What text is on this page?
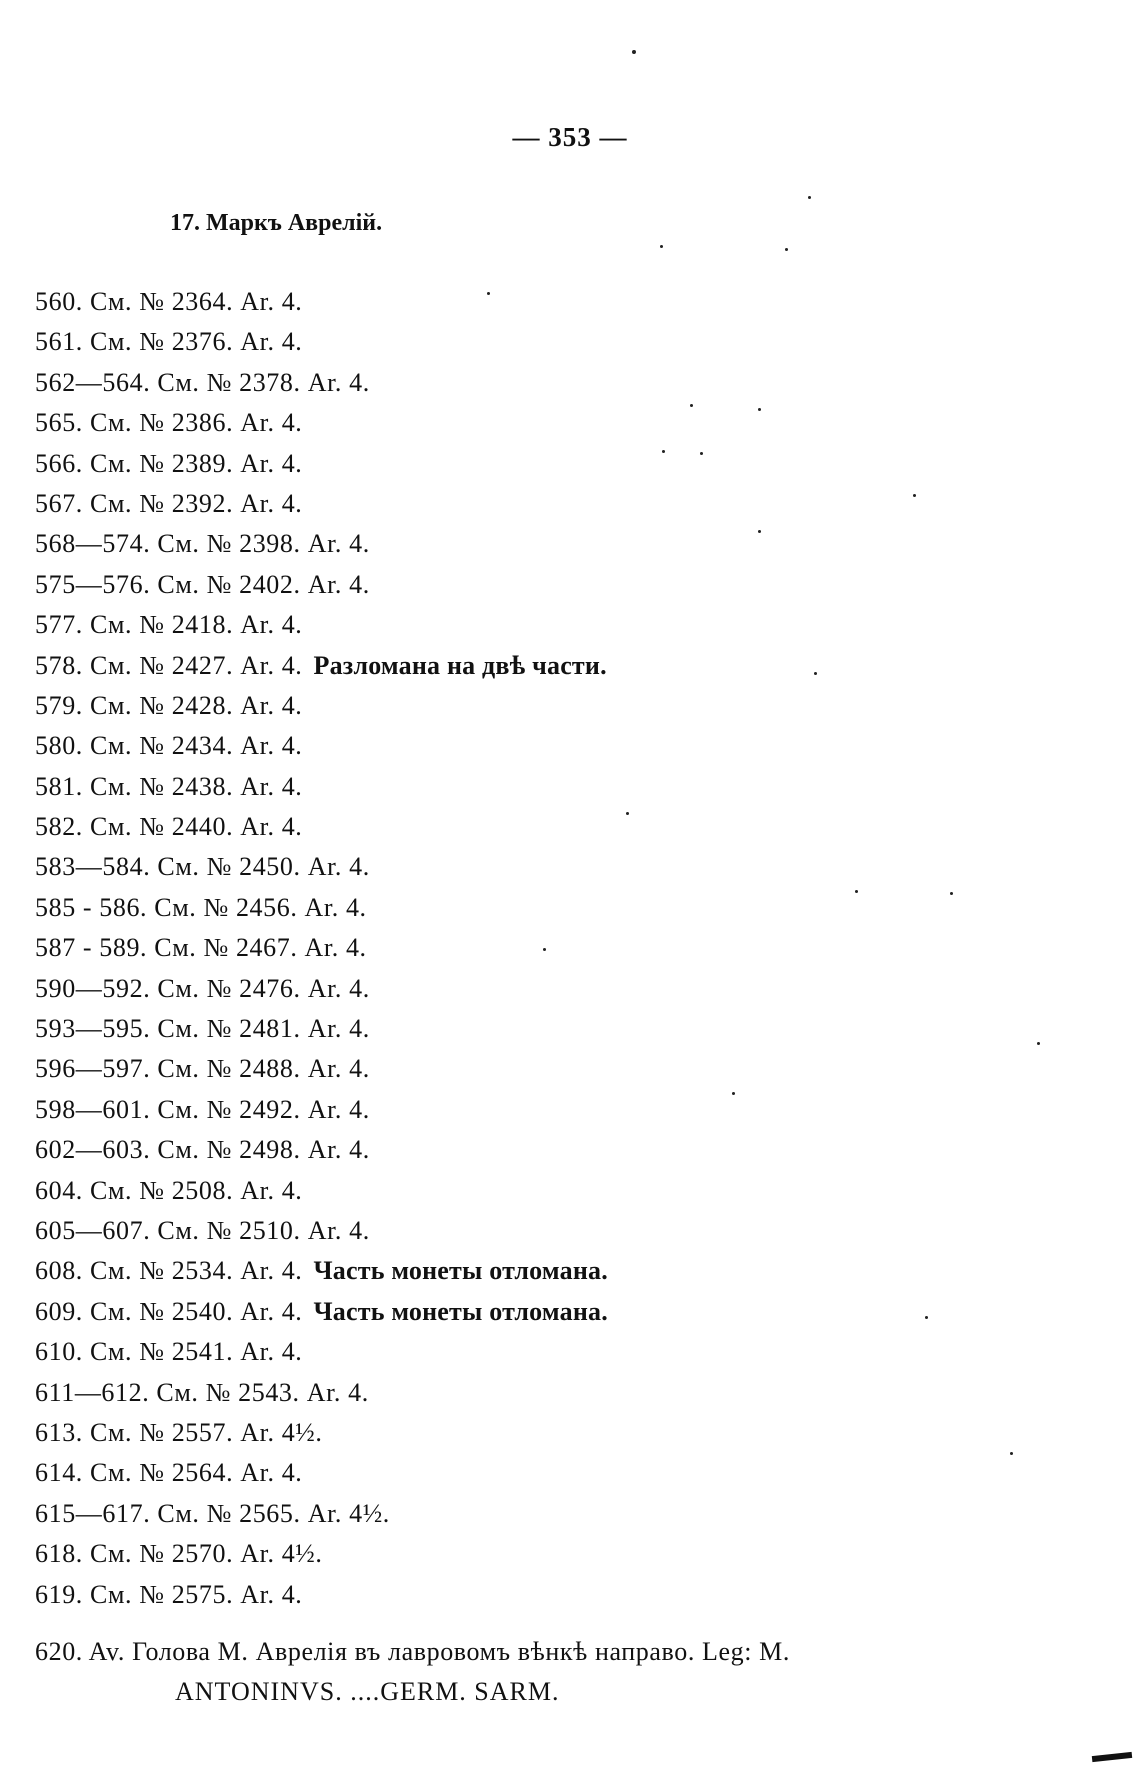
— 353 —
17. Маркъ Аврелій.
560. См. № 2364. Ar. 4.
561. См. № 2376. Ar. 4.
562—564. См. № 2378. Ar. 4.
565. См. № 2386. Ar. 4.
566. См. № 2389. Ar. 4.
567. См. № 2392. Ar. 4.
568—574. См. № 2398. Ar. 4.
575—576. См. № 2402. Ar. 4.
577. См. № 2418. Ar. 4.
578. См. № 2427. Ar. 4. Разломана на двѣ части.
579. См. № 2428. Ar. 4.
580. См. № 2434. Ar. 4.
581. См. № 2438. Ar. 4.
582. См. № 2440. Ar. 4.
583—584. См. № 2450. Ar. 4.
585 - 586. См. № 2456. Ar. 4.
587 - 589. См. № 2467. Ar. 4.
590—592. См. № 2476. Ar. 4.
593—595. См. № 2481. Ar. 4.
596—597. См. № 2488. Ar. 4.
598—601. См. № 2492. Ar. 4.
602—603. См. № 2498. Ar. 4.
604. См. № 2508. Ar. 4.
605—607. См. № 2510. Ar. 4.
608. См. № 2534. Ar. 4. Часть монеты отломана.
609. См. № 2540. Ar. 4. Часть монеты отломана.
610. См. № 2541. Ar. 4.
611—612. См. № 2543. Ar. 4.
613. См. № 2557. Ar. 4½.
614. См. № 2564. Ar. 4.
615—617. См. № 2565. Ar. 4½.
618. См. № 2570. Ar. 4½.
619. См. № 2575. Ar. 4.
620. Av. Голова М. Аврелія въ лавровомъ вѣнкѣ направо. Leg: M.
ANTONINVS. ....GERM. SARM.
